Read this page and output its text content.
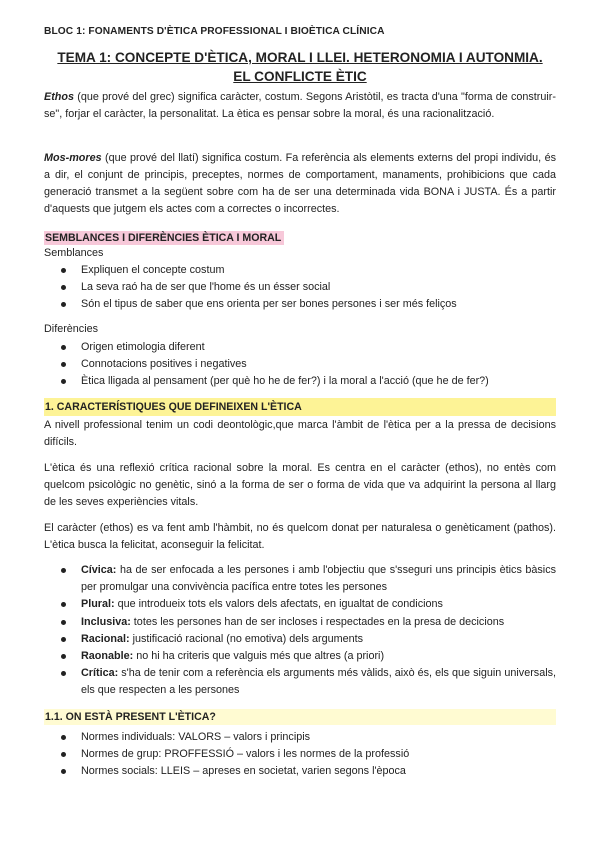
BLOC 1: FONAMENTS D'ÈTICA PROFESSIONAL I BIOÈTICA CLÍNICA
TEMA 1: CONCEPTE D'ÈTICA, MORAL I LLEI. HETERONOMIA I AUTONMIA.
EL CONFLICTE ÈTIC

Ethos (que prové del grec) significa caràcter, costum. Segons Aristòtil, es tracta d'una "forma de construir-se", forjar el caràcter, la personalitat. La ètica es pensar sobre la moral, és una racionalització.

Mos-mores (que prové del llatí) significa costum. Fa referència als elements externs del propi individu, és a dir, el conjunt de principis, preceptes, normes de comportament, manaments, prohibicions que cada generació transmet a la següent sobre com ha de ser una determinada vida BONA i JUSTA. És a partir d'aquests que jutgem els actes com a correctes o incorrectes.

SEMBLANCES I DIFERÈNCIES ÈTICA I MORAL
Semblances
Expliquen el concepte costum
La seva raó ha de ser que l'home és un ésser social
Són el tipus de saber que ens orienta per ser bones persones i ser més feliços
Diferències
Origen etimologia diferent
Connotacions positives i negatives
Ètica lligada al pensament (per què ho he de fer?) i la moral a l'acció (que he de fer?)
1. CARACTERÍSTIQUES QUE DEFINEIXEN L'ÈTICA

A nivell professional tenim un codi deontològic,que marca l'àmbit de l'ètica per a la pressa de decisions difícils.

L'ètica és una reflexió crítica racional sobre la moral. Es centra en el caràcter (ethos), no entès com quelcom psicològic no genètic, sinó a la forma de ser o forma de vida que va adquirint la persona al llarg de les seves experiències vitals.

El caràcter (ethos) es va fent amb l'hàmbit, no és quelcom donat per naturalesa o genèticament (pathos). L'ètica busca la felicitat, aconseguir la felicitat.

Cívica: ha de ser enfocada a les persones i amb l'objectiu que s'sseguri uns principis ètics bàsics per promulgar una convivència pacífica entre totes les persones
Plural: que introdueix tots els valors dels afectats, en igualtat de condicions
Inclusiva: totes les persones han de ser incloses i respectades en la presa de decicions
Racional: justificació racional (no emotiva) dels arguments
Raonable: no hi ha criteris que valguis més que altres (a priori)
Crítica: s'ha de tenir com a referència els arguments més vàlids, això és, els que siguin universals, els que respecten a les persones
1.1. ON ESTÀ PRESENT L'ÈTICA?
Normes individuals: VALORS – valors i principis
Normes de grup: PROFFESSIÓ – valors i les normes de la professió
Normes socials: LLEIS – apreses en societat, varien segons l'època
